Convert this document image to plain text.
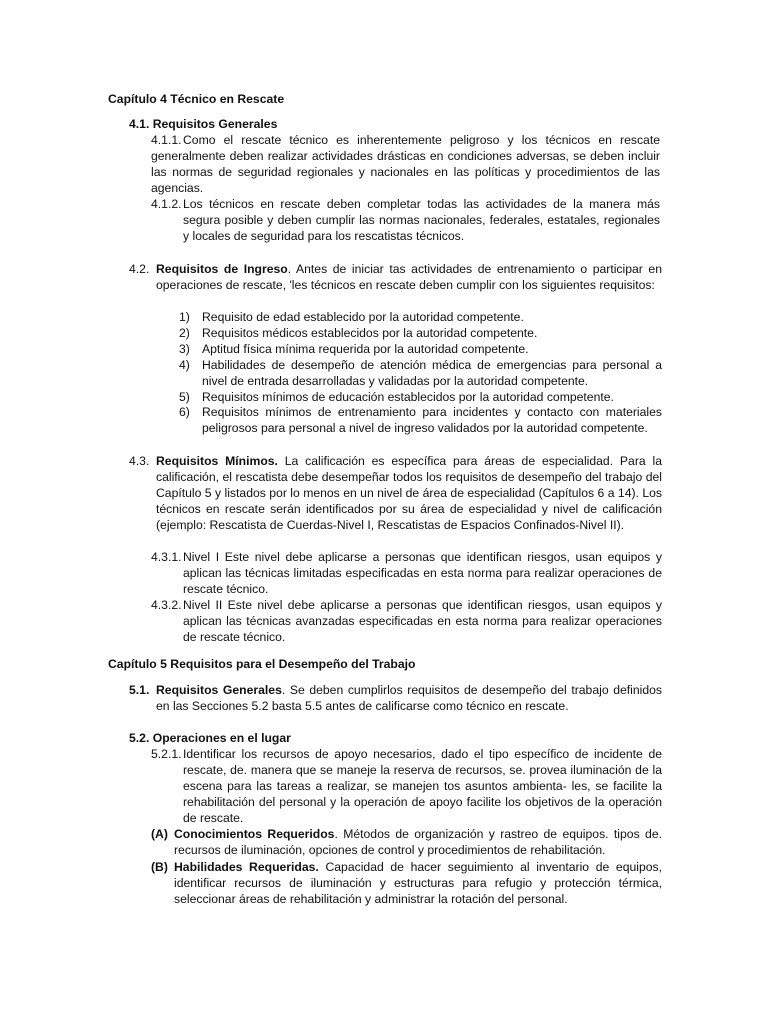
Capítulo 4 Técnico en Rescate
4.1. Requisitos Generales
4.1.1. Como el rescate técnico es inherentemente peligroso y los técnicos en rescate generalmente deben realizar actividades drásticas en condiciones adversas, se deben incluir las normas de seguridad regionales y nacionales en las políticas y procedimientos de las agencias.
4.1.2. Los técnicos en rescate deben completar todas las actividades de la manera más segura posible y deben cumplir las normas nacionales, federales, estatales, regionales y locales de seguridad para los rescatistas técnicos.
4.2. Requisitos de Ingreso. Antes de iniciar tas actividades de entrenamiento o participar en operaciones de rescate, 'les técnicos en rescate deben cumplir con los siguientes requisitos:
1) Requisito de edad establecido por la autoridad competente.
2) Requisitos médicos establecidos por la autoridad competente.
3) Aptitud física mínima requerida por la autoridad competente.
4) Habilidades de desempeño de atención médica de emergencias para personal a nivel de entrada desarrolladas y validadas por la autoridad competente.
5) Requisitos mínimos de educación establecidos por la autoridad competente.
6) Requisitos mínimos de entrenamiento para incidentes y contacto con materiales peligrosos para personal a nivel de ingreso validados por la autoridad competente.
4.3. Requisitos Mínimos. La calificación es específica para áreas de especialidad. Para la calificación, el rescatista debe desempeñar todos los requisitos de desempeño del trabajo del Capítulo 5 y listados por lo menos en un nivel de área de especialidad (Capítulos 6 a 14). Los técnicos en rescate serán identificados por su área de especialidad y nivel de calificación (ejemplo: Rescatista de Cuerdas-Nivel I, Rescatistas de Espacios Confinados-Nivel II).
4.3.1. Nivel I Este nivel debe aplicarse a personas que identifican riesgos, usan equipos y aplican las técnicas limitadas especificadas en esta norma para realizar operaciones de rescate técnico.
4.3.2. Nivel II Este nivel debe aplicarse a personas que identifican riesgos, usan equipos y aplican las técnicas avanzadas especificadas en esta norma para realizar operaciones de rescate técnico.
Capítulo 5 Requisitos para el Desempeño del Trabajo
5.1. Requisitos Generales. Se deben cumplirlos requisitos de desempeño del trabajo definidos en las Secciones 5.2 basta 5.5 antes de calificarse como técnico en rescate.
5.2. Operaciones en el lugar
5.2.1. Identificar los recursos de apoyo necesarios, dado el tipo específico de incidente de rescate, de. manera que se maneje la reserva de recursos, se. provea iluminación de la escena para las tareas a realizar, se manejen tos asuntos ambienta- les, se facilite la rehabilitación del personal y la operación de apoyo facilite los objetivos de la operación de rescate.
(A) Conocimientos Requeridos. Métodos de organización y rastreo de equipos. tipos de. recursos de iluminación, opciones de control y procedimientos de rehabilitación.
(B) Habilidades Requeridas. Capacidad de hacer seguimiento al inventario de equipos, identificar recursos de iluminación y estructuras para refugio y protección térmica, seleccionar áreas de rehabilitación y administrar la rotación del personal.
